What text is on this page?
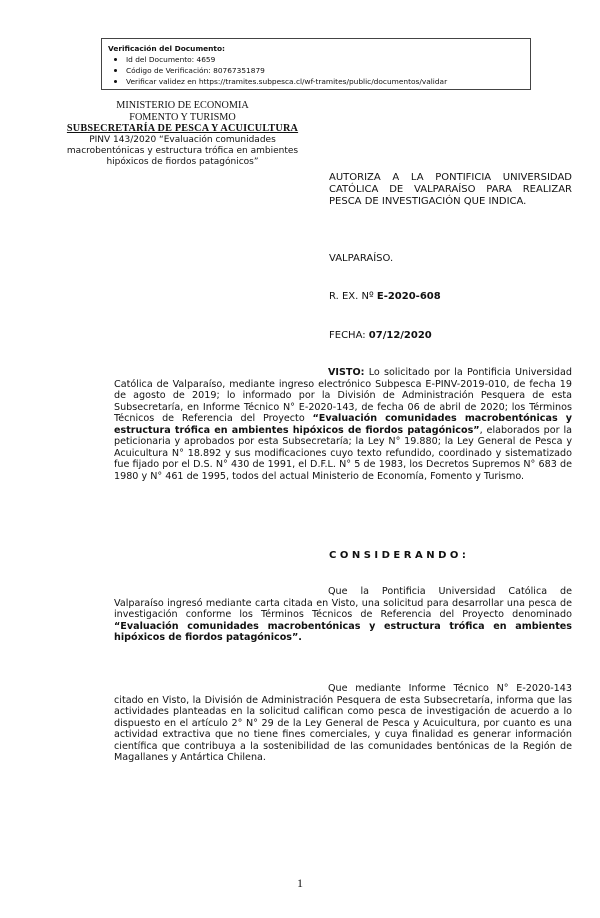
Verificación del Documento:
Id del Documento: 4659
Código de Verificación: 80767351879
Verificar validez en https://tramites.subpesca.cl/wf-tramites/public/documentos/validar
MINISTERIO DE ECONOMIA
FOMENTO Y TURISMO
SUBSECRETARÍA DE PESCA Y ACUICULTURA
PINV 143/2020 “Evaluación comunidades
macrobentónicas y estructura trófica en ambientes
hipóxicos de fiordos patagónicos”
AUTORIZA A LA PONTIFICIA UNIVERSIDAD CATÓLICA DE VALPARAÍSO PARA REALIZAR PESCA DE INVESTIGACIÓN QUE INDICA.
VALPARAÍSO.
R. EX. Nº E-2020-608
FECHA: 07/12/2020
VISTO: Lo solicitado por la Pontificia Universidad Católica de Valparaíso, mediante ingreso electrónico Subpesca E-PINV-2019-010, de fecha 19 de agosto de 2019; lo informado por la División de Administración Pesquera de esta Subsecretaría, en Informe Técnico N° E-2020-143, de fecha 06 de abril de 2020; los Términos Técnicos de Referencia del Proyecto “Evaluación comunidades macrobentónicas y estructura trófica en ambientes hipóxicos de fiordos patagónicos”, elaborados por la peticionaria y aprobados por esta Subsecretaría; la Ley N° 19.880; la Ley General de Pesca y Acuicultura N° 18.892 y sus modificaciones cuyo texto refundido, coordinado y sistematizado fue fijado por el D.S. N° 430 de 1991, el D.F.L. N° 5 de 1983, los Decretos Supremos N° 683 de 1980 y N° 461 de 1995, todos del actual Ministerio de Economía, Fomento y Turismo.
CONSIDERANDO:
Que la Pontificia Universidad Católica de Valparaíso ingresó mediante carta citada en Visto, una solicitud para desarrollar una pesca de investigación conforme los Términos Técnicos de Referencia del Proyecto denominado “Evaluación comunidades macrobentónicas y estructura trófica en ambientes hipóxicos de fiordos patagónicos”.
Que mediante Informe Técnico N° E-2020-143 citado en Visto, la División de Administración Pesquera de esta Subsecretaría, informa que las actividades planteadas en la solicitud califican como pesca de investigación de acuerdo a lo dispuesto en el artículo 2° N° 29 de la Ley General de Pesca y Acuicultura, por cuanto es una actividad extractiva que no tiene fines comerciales, y cuya finalidad es generar información científica que contribuya a la sostenibilidad de las comunidades bentónicas de la Región de Magallanes y Antártica Chilena.
1
